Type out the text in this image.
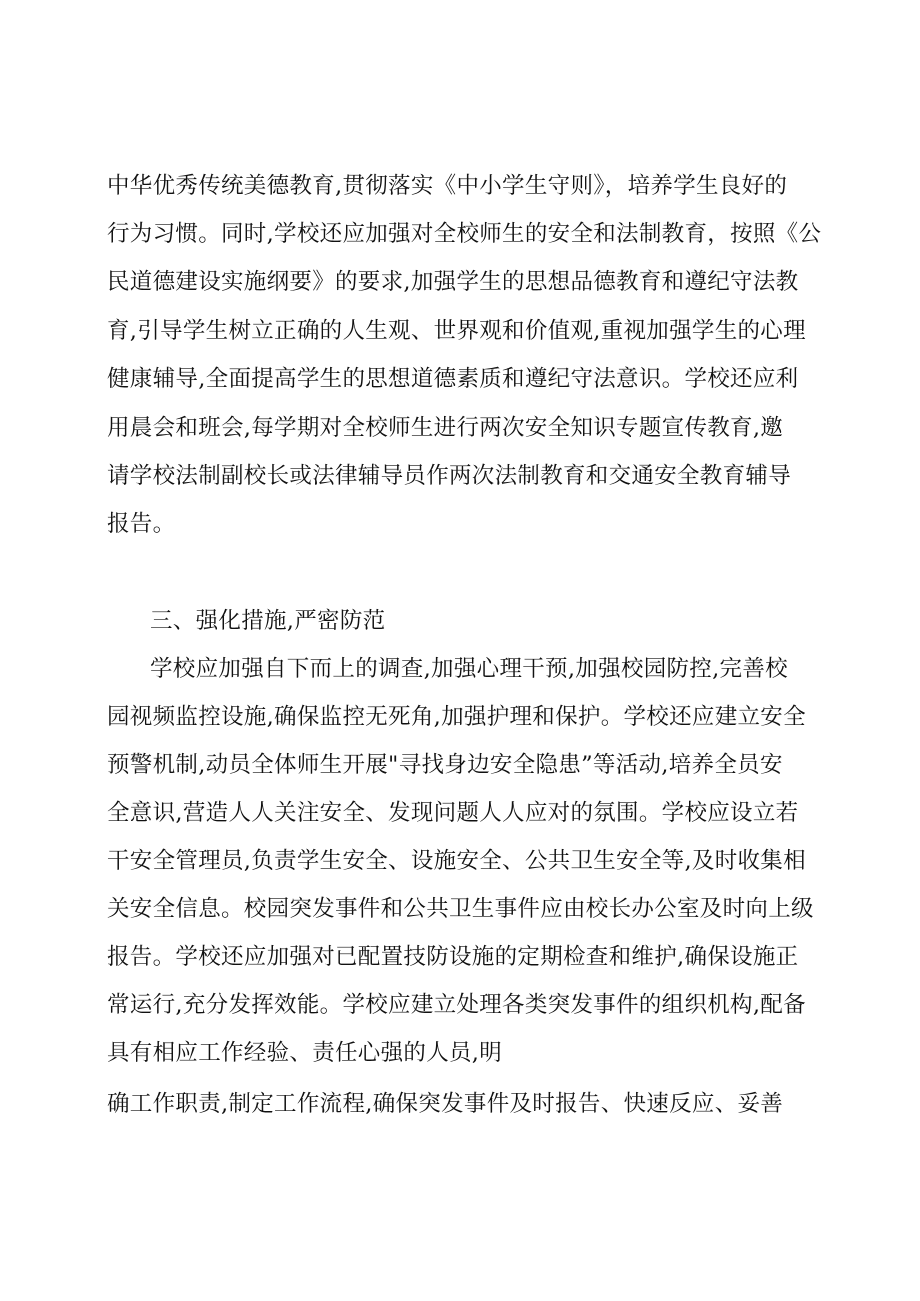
中华优秀传统美德教育,贯彻落实《中小学生守则》，培养学生良好的
行为习惯。同时,学校还应加强对全校师生的安全和法制教育，按照《公
民道德建设实施纲要》的要求,加强学生的思想品德教育和遵纪守法教
育,引导学生树立正确的人生观、世界观和价值观,重视加强学生的心理
健康辅导,全面提高学生的思想道德素质和遵纪守法意识。学校还应利
用晨会和班会,每学期对全校师生进行两次安全知识专题宣传教育,邀
请学校法制副校长或法律辅导员作两次法制教育和交通安全教育辅导
报告。
三、强化措施,严密防范
学校应加强自下而上的调查,加强心理干预,加强校园防控,完善校
园视频监控设施,确保监控无死角,加强护理和保护。学校还应建立安全
预警机制,动员全体师生开展"寻找身边安全隐患”等活动,培养全员安
全意识,营造人人关注安全、发现问题人人应对的氛围。学校应设立若
干安全管理员,负责学生安全、设施安全、公共卫生安全等,及时收集相
关安全信息。校园突发事件和公共卫生事件应由校长办公室及时向上级
报告。学校还应加强对已配置技防设施的定期检查和维护,确保设施正
常运行,充分发挥效能。学校应建立处理各类突发事件的组织机构,配备
具有相应工作经验、责任心强的人员,明
确工作职责,制定工作流程,确保突发事件及时报告、快速反应、妥善
